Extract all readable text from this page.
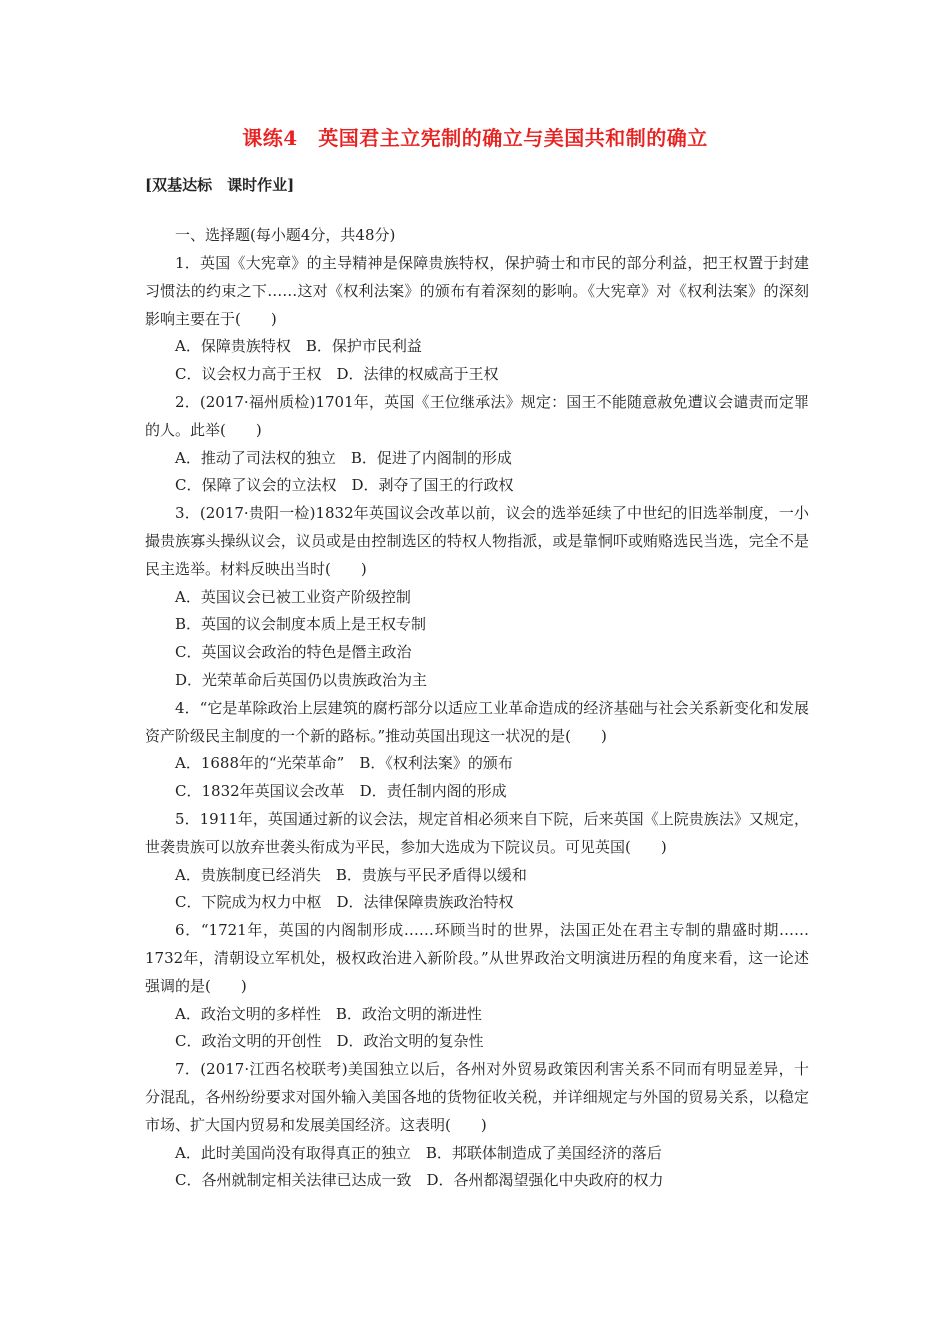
课练4　英国君主立宪制的确立与美国共和制的确立
[双基达标　课时作业]
一、选择题(每小题4分，共48分)

1．英国《大宪章》的主导精神是保障贵族特权，保护骑士和市民的部分利益，把王权置于封建习惯法的约束之下……这对《权利法案》的颁布有着深刻的影响。《大宪章》对《权利法案》的深刻影响主要在于(　　)

A．保障贵族特权　B．保护市民利益

C．议会权力高于王权　D．法律的权威高于王权

2．(2017·福州质检)1701年，英国《王位继承法》规定：国王不能随意赦免遭议会谴责而定罪的人。此举(　　)

A．推动了司法权的独立　B．促进了内阁制的形成

C．保障了议会的立法权　D．剥夺了国王的行政权

3．(2017·贵阳一检)1832年英国议会改革以前，议会的选举延续了中世纪的旧选举制度，一小撮贵族寡头操纵议会，议员或是由控制选区的特权人物指派，或是靠恫吓或贿赂选民当选，完全不是民主选举。材料反映出当时(　　)

A．英国议会已被工业资产阶级控制

B．英国的议会制度本质上是王权专制

C．英国议会政治的特色是僭主政治

D．光荣革命后英国仍以贵族政治为主

4．“它是革除政治上层建筑的腐朽部分以适应工业革命造成的经济基础与社会关系新变化和发展资产阶级民主制度的一个新的路标。”推动英国出现这一状况的是(　　)

A．1688年的“光荣革命”　B．《权利法案》的颁布

C．1832年英国议会改革　D．责任制内阁的形成

5．1911年，英国通过新的议会法，规定首相必须来自下院，后来英国《上院贵族法》又规定，世袭贵族可以放弃世袭头衔成为平民，参加大选成为下院议员。可见英国(　　)

A．贵族制度已经消失　B．贵族与平民矛盾得以缓和

C．下院成为权力中枢　D．法律保障贵族政治特权

6．“1721年，英国的内阁制形成……环顾当时的世界，法国正处在君主专制的鼎盛时期……1732年，清朝设立军机处，极权政治进入新阶段。”从世界政治文明演进历程的角度来看，这一论述强调的是(　　)

A．政治文明的多样性　B．政治文明的渐进性

C．政治文明的开创性　D．政治文明的复杂性

7．(2017·江西名校联考)美国独立以后，各州对外贸易政策因利害关系不同而有明显差异，十分混乱，各州纷纷要求对国外输入美国各地的货物征收关税，并详细规定与外国的贸易关系，以稳定市场、扩大国内贸易和发展美国经济。这表明(　　)

A．此时美国尚没有取得真正的独立　B．邦联体制造成了美国经济的落后

C．各州就制定相关法律已达成一致　D．各州都渴望强化中央政府的权力
